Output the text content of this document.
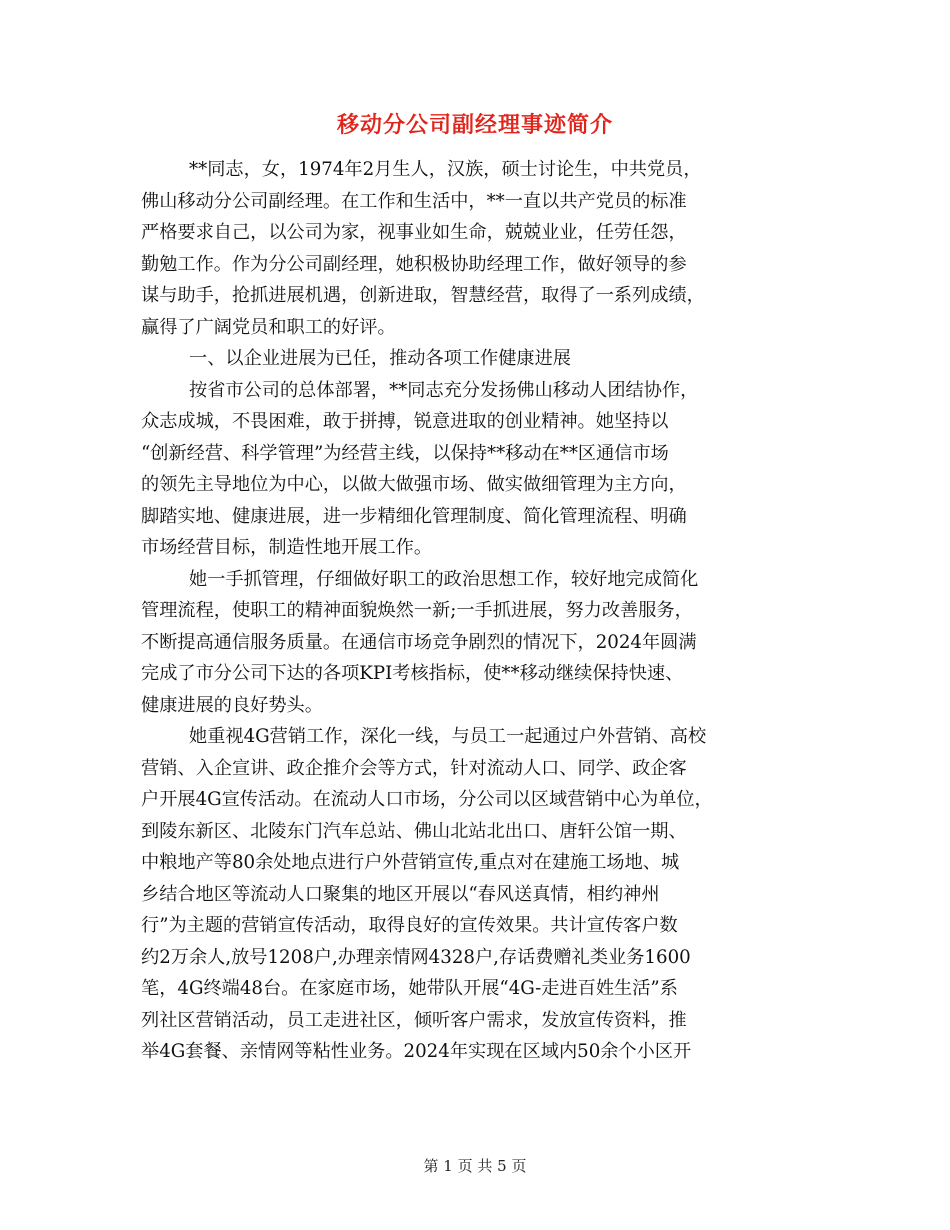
移动分公司副经理事迹简介
**同志，女，1974年2月生人，汉族，硕士讨论生，中共党员，
佛山移动分公司副经理。在工作和生活中，**一直以共产党员的标准
严格要求自己，以公司为家，视事业如生命，兢兢业业，任劳任怨，
勤勉工作。作为分公司副经理，她积极协助经理工作，做好领导的参
谋与助手，抢抓进展机遇，创新进取，智慧经营，取得了一系列成绩，
赢得了广阔党员和职工的好评。
一、以企业进展为已任，推动各项工作健康进展
按省市公司的总体部署，**同志充分发扬佛山移动人团结协作，
众志成城，不畏困难，敢于拼搏，锐意进取的创业精神。她坚持以
“创新经营、科学管理”为经营主线，以保持**移动在**区通信市场
的领先主导地位为中心，以做大做强市场、做实做细管理为主方向，
脚踏实地、健康进展，进一步精细化管理制度、简化管理流程、明确
市场经营目标，制造性地开展工作。
她一手抓管理，仔细做好职工的政治思想工作，较好地完成简化
管理流程，使职工的精神面貌焕然一新;一手抓进展，努力改善服务，
不断提高通信服务质量。在通信市场竞争剧烈的情况下，2024年圆满
完成了市分公司下达的各项KPI考核指标，使**移动继续保持快速、
健康进展的良好势头。
她重视4G营销工作，深化一线，与员工一起通过户外营销、高校
营销、入企宣讲、政企推介会等方式，针对流动人口、同学、政企客
户开展4G宣传活动。在流动人口市场，分公司以区域营销中心为单位，
到陵东新区、北陵东门汽车总站、佛山北站北出口、唐轩公馆一期、
中粮地产等80余处地点进行户外营销宣传,重点对在建施工场地、城
乡结合地区等流动人口聚集的地区开展以“春风送真情，相约神州
行”为主题的营销宣传活动，取得良好的宣传效果。共计宣传客户数
约2万余人,放号1208户,办理亲情网4328户,存话费赠礼类业务1600
笔，4G终端48台。在家庭市场，她带队开展“4G-走进百姓生活”系
列社区营销活动，员工走进社区，倾听客户需求，发放宣传资料，推
举4G套餐、亲情网等粘性业务。2024年实现在区域内50余个小区开
第 1 页 共 5 页
